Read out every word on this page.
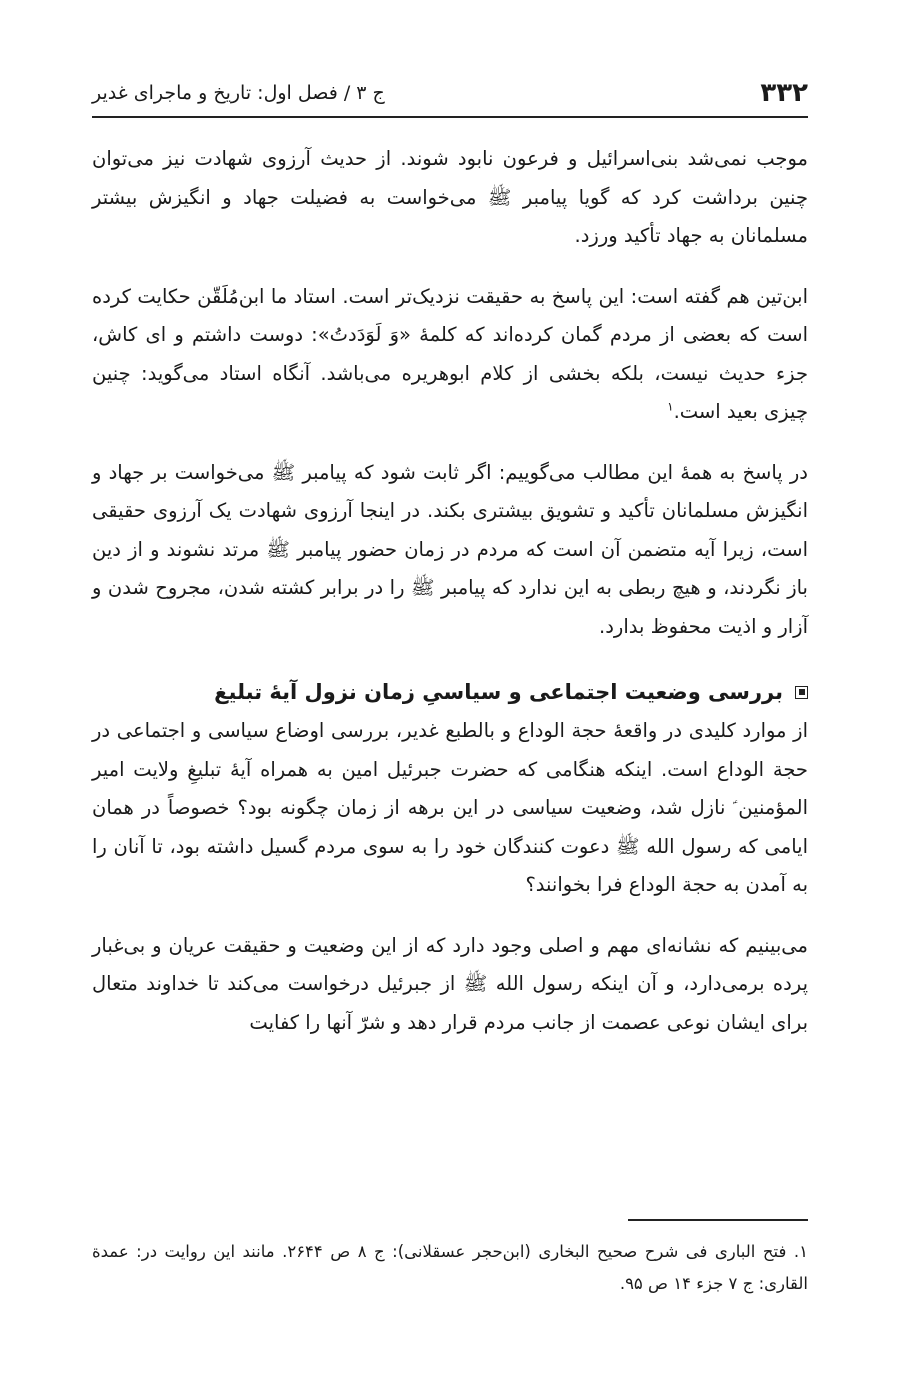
۳۳۲
ج ۳ / فصل اول: تاریخ و ماجرای غدیر

موجب نمی‌شد بنی‌اسرائیل و فرعون نابود شوند. از حدیث آرزوی شهادت نیز می‌توان چنین برداشت کرد که گویا پیامبر ﷺ می‌خواست به فضیلت جهاد و انگیزش بیشتر مسلمانان به جهاد تأکید ورزد.

ابن‌تین هم گفته است: این پاسخ به حقیقت نزدیک‌تر است. استاد ما ابن‌مُلَقّن حکایت کرده است که بعضی از مردم گمان کرده‌اند که کلمهٔ «وَ لَوَدَدتُ»: دوست داشتم و ای کاش، جزء حدیث نیست، بلکه بخشی از کلام ابوهریره می‌باشد. آنگاه استاد می‌گوید: چنین چیزی بعید است.$^۱$

در پاسخ به همهٔ این مطالب می‌گوییم: اگر ثابت شود که پیامبر ﷺ می‌خواست بر جهاد و انگیزش مسلمانان تأکید و تشویق بیشتری بکند. در اینجا آرزوی شهادت یک آرزوی حقیقی است، زیرا آیه متضمن آن است که مردم در زمان حضور پیامبر ﷺ مرتد نشوند و از دین باز نگردند، و هیچ ربطی به این ندارد که پیامبر ﷺ را در برابر کشته شدن، مجروح شدن و آزار و اذیت محفوظ بدارد.

بررسی وضعیت اجتماعی و سیاسیِ زمان نزول آیهٔ تبلیغ

از موارد کلیدی در واقعهٔ حجة الوداع و بالطبع غدیر، بررسی اوضاع سیاسی و اجتماعی در حجة الوداع است. اینکه هنگامی که حضرت جبرئیل امین به همراه آیهٔ تبلیغِ ولایت امیر المؤمنین ؑ نازل شد، وضعیت سیاسی در این برهه از زمان چگونه بود؟ خصوصاً در همان ایامی که رسول الله ﷺ دعوت کنندگان خود را به سوی مردم گسیل داشته بود، تا آنان را به آمدن به حجة الوداع فرا بخوانند؟

می‌بینیم که نشانه‌ای مهم و اصلی وجود دارد که از این وضعیت و حقیقت عریان و بی‌غبار پرده برمی‌دارد، و آن اینکه رسول الله ﷺ از جبرئیل درخواست می‌کند تا خداوند متعال برای ایشان نوعی عصمت از جانب مردم قرار دهد و شرّ آنها را کفایت

۱. فتح الباری فی شرح صحیح البخاری (ابن‌حجر عسقلانی): ج ۸ ص ۲۶۴۴. مانند این روایت در: عمدة القاری: ج ۷ جزء ۱۴ ص ۹۵.
